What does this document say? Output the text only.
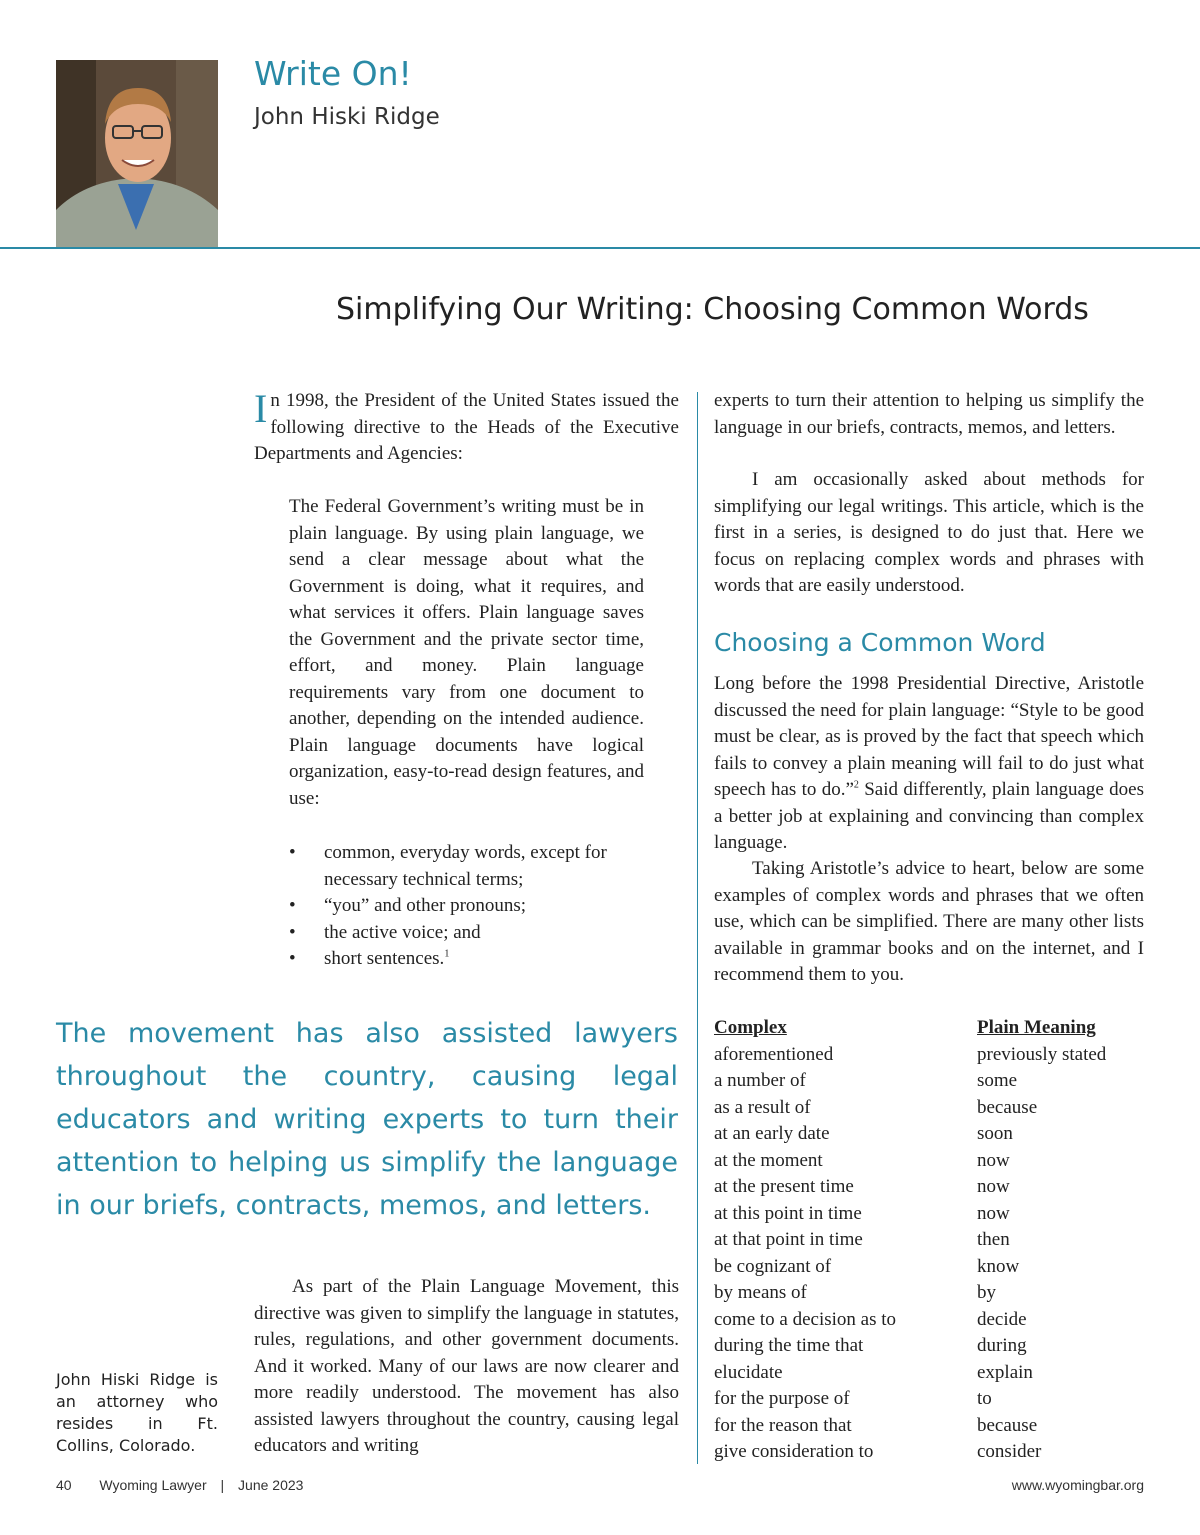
Write On!
John Hiski Ridge
Simplifying Our Writing: Choosing Common Words

In 1998, the President of the United States issued the following directive to the Heads of the Executive Departments and Agencies:

The Federal Government’s writing must be in plain language. By using plain language, we send a clear message about what the Government is doing, what it requires, and what services it offers. Plain language saves the Government and the private sector time, effort, and money. Plain language requirements vary from one document to another, depending on the intended audience. Plain language documents have logical organization, easy-to-read design features, and use:

• common, everyday words, except for necessary technical terms;
• “you” and other pronouns;
• the active voice; and
• short sentences.$^1$

The movement has also assisted lawyers throughout the country, causing legal educators and writing experts to turn their attention to helping us simplify the language in our briefs, contracts, memos, and letters.

As part of the Plain Language Movement, this directive was given to simplify the language in statutes, rules, regulations, and other government documents. And it worked. Many of our laws are now clearer and more readily understood. The movement has also assisted lawyers throughout the country, causing legal educators and writing

John Hiski Ridge is an attorney who resides in Ft. Collins, Colorado.

experts to turn their attention to helping us simplify the language in our briefs, contracts, memos, and letters.

I am occasionally asked about methods for simplifying our legal writings. This article, which is the first in a series, is designed to do just that. Here we focus on replacing complex words and phrases with words that are easily understood.

Choosing a Common Word

Long before the 1998 Presidential Directive, Aristotle discussed the need for plain language: “Style to be good must be clear, as is proved by the fact that speech which fails to convey a plain meaning will fail to do just what speech has to do.”$^2$ Said differently, plain language does a better job at explaining and convincing than complex language.

Taking Aristotle’s advice to heart, below are some examples of complex words and phrases that we often use, which can be simplified. There are many other lists available in grammar books and on the internet, and I recommend them to you.

Complex	Plain Meaning
aforementioned	previously stated
a number of	some
as a result of	because
at an early date	soon
at the moment	now
at the present time	now
at this point in time	now
at that point in time	then
be cognizant of	know
by means of	by
come to a decision as to	decide
during the time that	during
elucidate	explain
for the purpose of	to
for the reason that	because
give consideration to	consider
40 Wyoming Lawyer | June 2023	www.wyomingbar.org
